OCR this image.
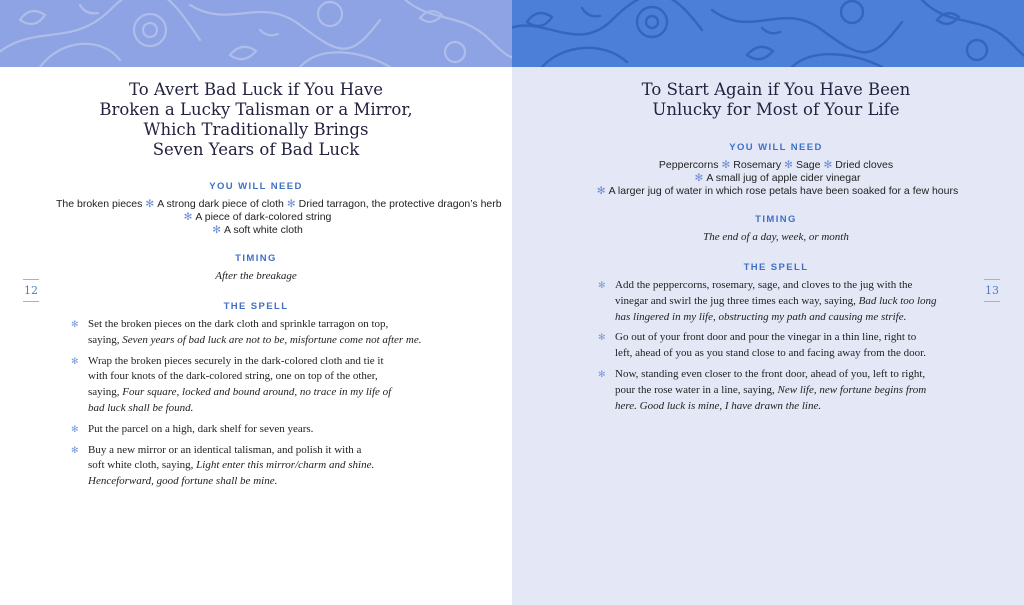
To Avert Bad Luck if You Have
Broken a Lucky Talisman or a Mirror,
Which Traditionally Brings
Seven Years of Bad Luck
YOU WILL NEED
The broken pieces ✻ A strong dark piece of cloth ✻ Dried tarragon, the protective dragon’s herb
✻ A piece of dark-colored string
✻ A soft white cloth
TIMING
After the breakage
THE SPELL
✻ Set the broken pieces on the dark cloth and sprinkle tarragon on top,
saying, Seven years of bad luck are not to be, misfortune come not after me.
✻ Wrap the broken pieces securely in the dark-colored cloth and tie it
with four knots of the dark-colored string, one on top of the other,
saying, Four square, locked and bound around, no trace in my life of
bad luck shall be found.
✻ Put the parcel on a high, dark shelf for seven years.
✻ Buy a new mirror or an identical talisman, and polish it with a
soft white cloth, saying, Light enter this mirror/charm and shine.
Henceforward, good fortune shall be mine.
12
To Start Again if You Have Been
Unlucky for Most of Your Life
YOU WILL NEED
Peppercorns ✻ Rosemary ✻ Sage ✻ Dried cloves
✻ A small jug of apple cider vinegar
✻ A larger jug of water in which rose petals have been soaked for a few hours
TIMING
The end of a day, week, or month
THE SPELL
✻ Add the peppercorns, rosemary, sage, and cloves to the jug with the
vinegar and swirl the jug three times each way, saying, Bad luck too long
has lingered in my life, obstructing my path and causing me strife.
✻ Go out of your front door and pour the vinegar in a thin line, right to
left, ahead of you as you stand close to and facing away from the door.
✻ Now, standing even closer to the front door, ahead of you, left to right,
pour the rose water in a line, saying, New life, new fortune begins from
here. Good luck is mine, I have drawn the line.
13
